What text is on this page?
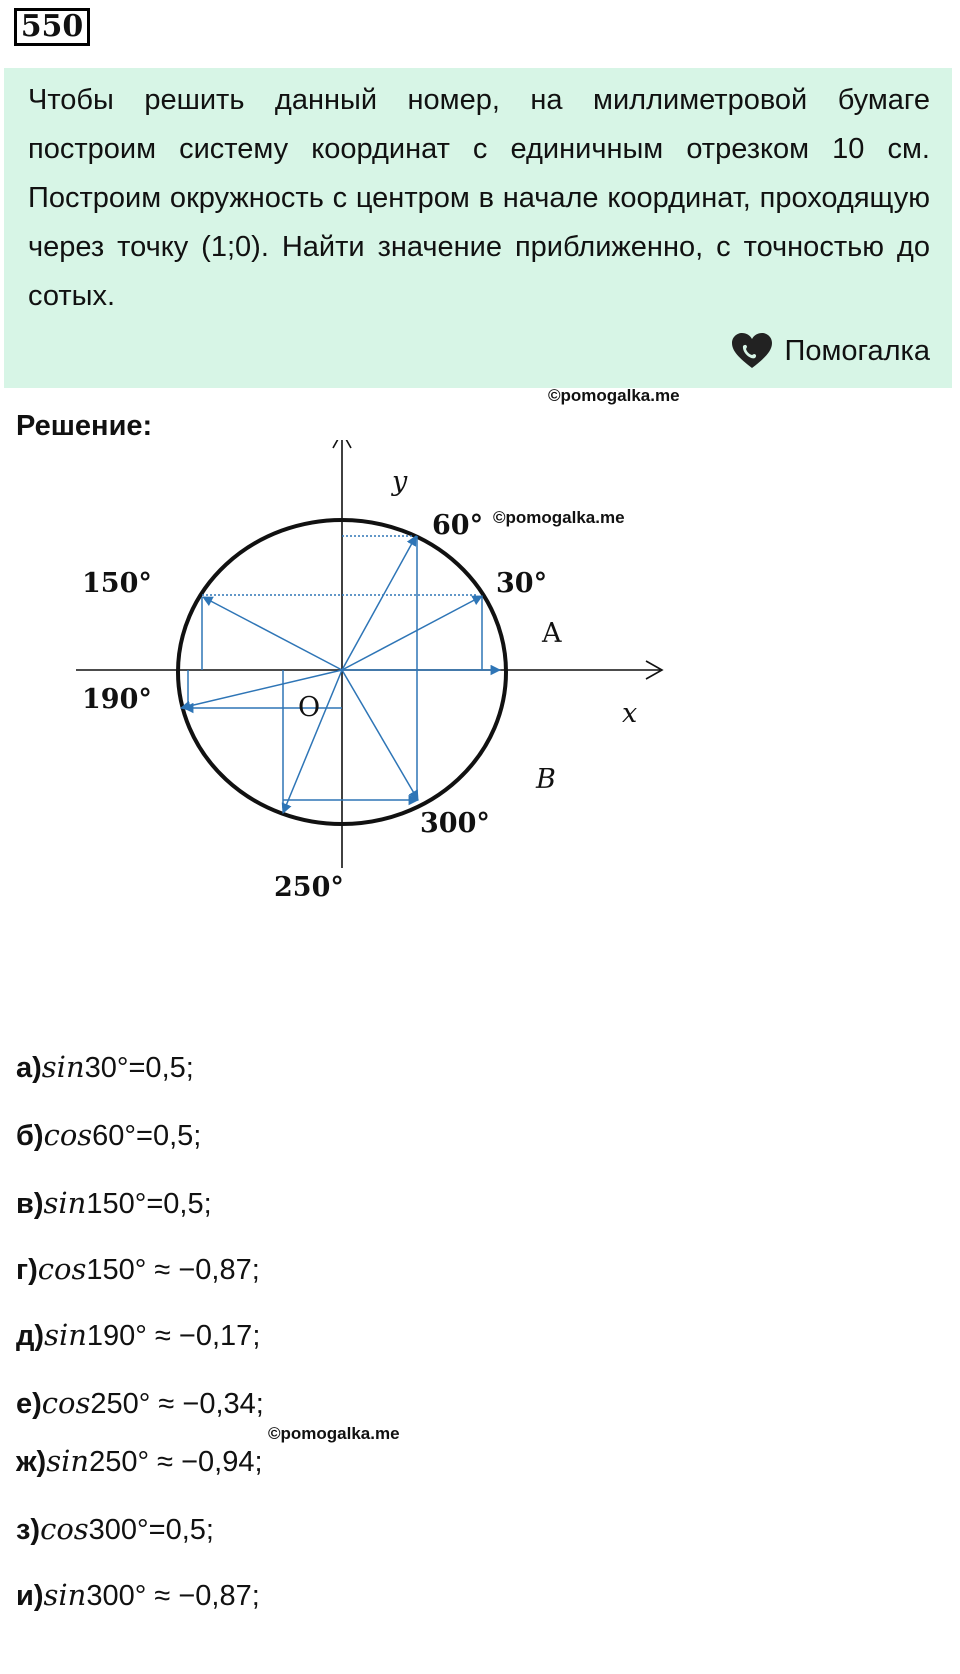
550

Чтобы решить данный номер, на миллиметровой бумаге построим систему координат с единичным отрезком 10 см. Построим окружность с центром в начале координат, проходящую через точку (1;0). Найти значение приближенно, с точностью до сотых.

Помогалка
Решение:
©pomogalka.me
y
x
O
A
B
60°
30°
150°
190°
300°
250°
©pomogalka.me
а)sin30°=0,5;
б)cos60°=0,5;
в)sin150°=0,5;
г)cos150° ≈ −0,87;
д)sin190° ≈ −0,17;
е)cos250° ≈ −0,34;
ж)sin250° ≈ −0,94;
з)cos300°=0,5;
и)sin300° ≈ −0,87;
©pomogalka.me
